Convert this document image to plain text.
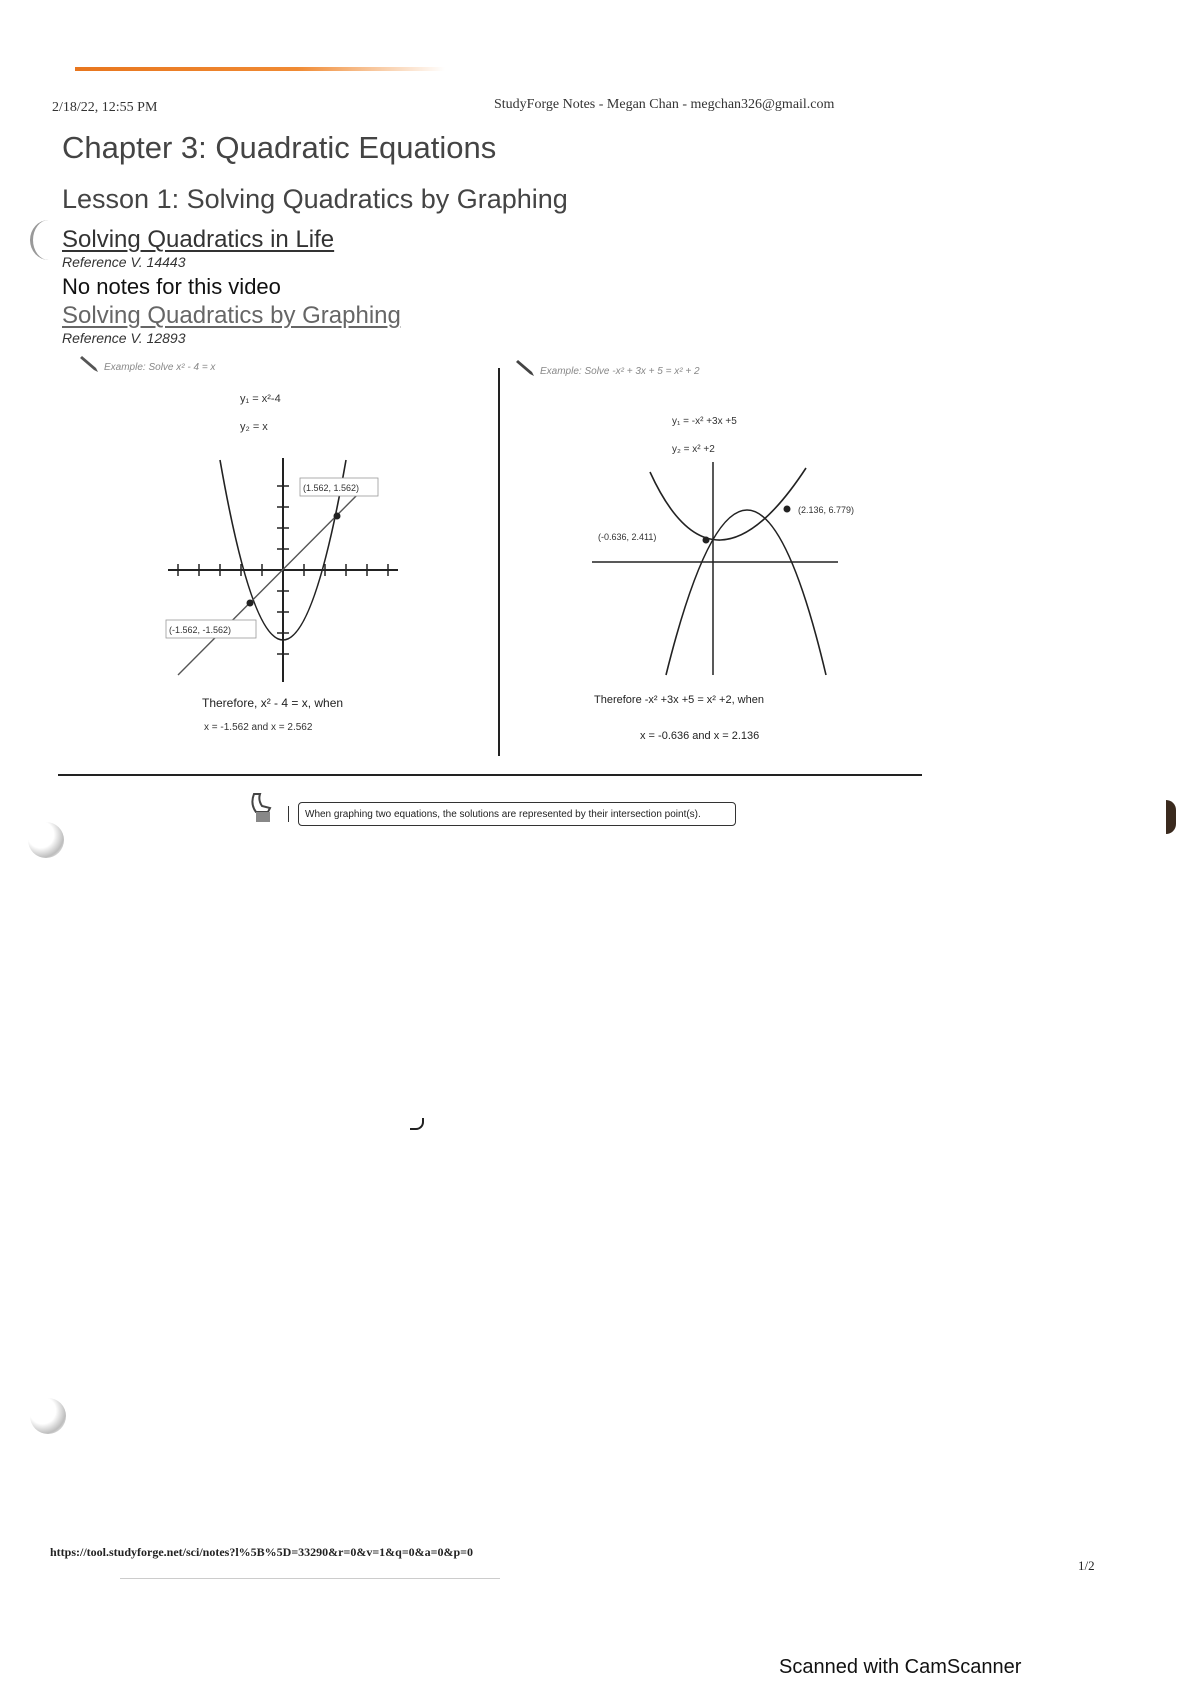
2/18/22, 12:55 PM	StudyForge Notes - Megan Chan - megchan326@gmail.com
Chapter 3: Quadratic Equations
Lesson 1: Solving Quadratics by Graphing
Solving Quadratics in Life
Reference V. 14443
No notes for this video
Solving Quadratics by Graphing
Reference V. 12893
Example: Solve x² - 4 = x	Example: Solve -x² + 3x + 5 = x² + 2
y₁ = x²-4
y₂ = x
(1.562, 1.562)
(-1.562, -1.562)
Therefore, x² - 4 = x, when
x = -1.562 and x = 2.562
y₁ = -x² +3x +5
y₂ = x² +2
(-0.636, 2.411)
(2.136, 6.779)
Therefore -x² +3x +5 = x² +2, when
x = -0.636 and x = 2.136
When graphing two equations, the solutions are represented by their intersection point(s).
https://tool.studyforge.net/sci/notes?l%5B%5D=33290&r=0&v=1&q=0&a=0&p=0
1/2
Scanned with CamScanner
